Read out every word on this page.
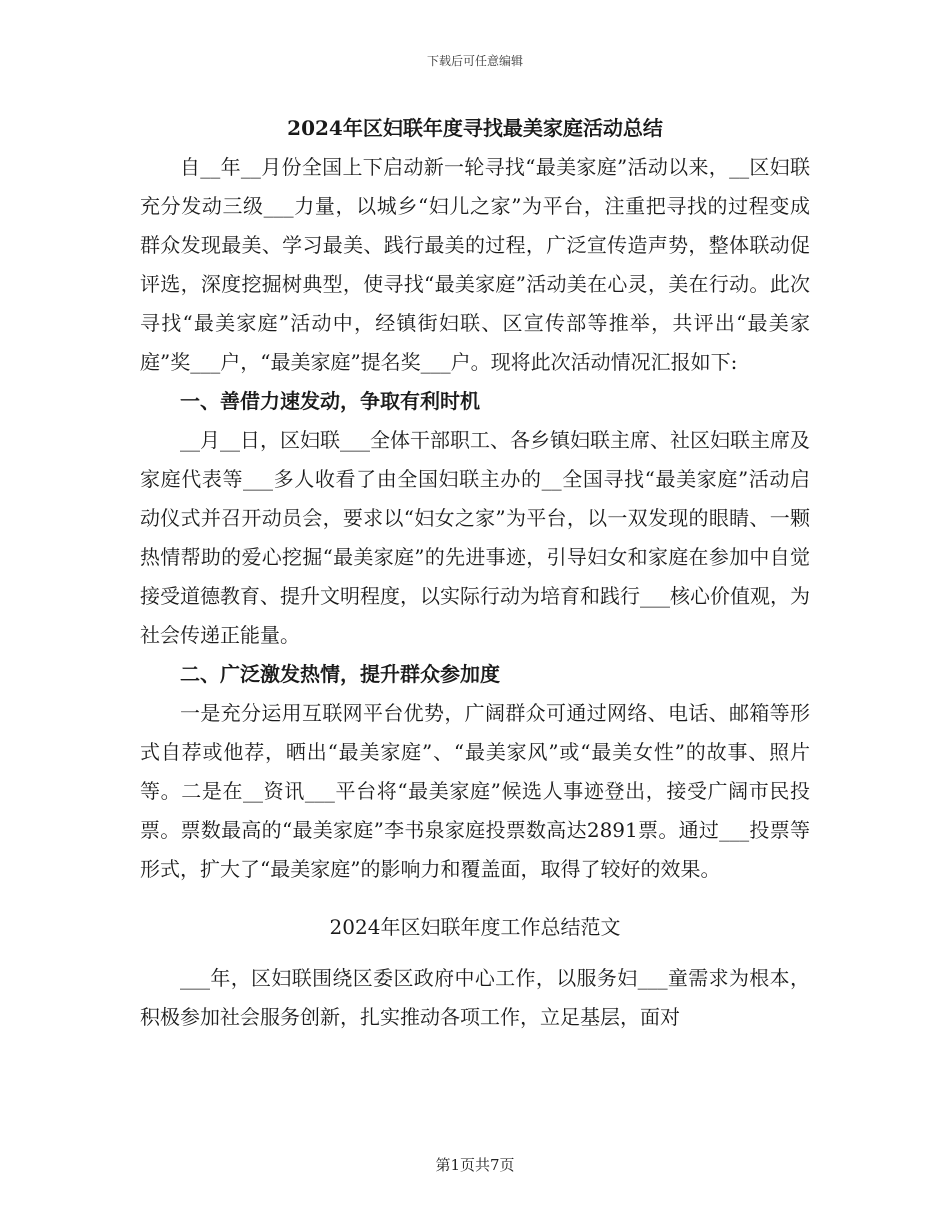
下载后可任意编辑
2024年区妇联年度寻找最美家庭活动总结

自__年__月份全国上下启动新一轮寻找“最美家庭”活动以来，__区妇联充分发动三级___力量，以城乡“妇儿之家”为平台，注重把寻找的过程变成群众发现最美、学习最美、践行最美的过程，广泛宣传造声势，整体联动促评选，深度挖掘树典型，使寻找“最美家庭”活动美在心灵，美在行动。此次寻找“最美家庭”活动中，经镇街妇联、区宣传部等推举，共评出“最美家庭”奖___户，“最美家庭”提名奖___户。现将此次活动情况汇报如下:

一、善借力速发动，争取有利时机

__月__日，区妇联___全体干部职工、各乡镇妇联主席、社区妇联主席及家庭代表等___多人收看了由全国妇联主办的__全国寻找“最美家庭”活动启动仪式并召开动员会，要求以“妇女之家”为平台，以一双发现的眼睛、一颗热情帮助的爱心挖掘“最美家庭”的先进事迹，引导妇女和家庭在参加中自觉接受道德教育、提升文明程度，以实际行动为培育和践行___核心价值观，为社会传递正能量。

二、广泛激发热情，提升群众参加度

一是充分运用互联网平台优势，广阔群众可通过网络、电话、邮箱等形式自荐或他荐，晒出“最美家庭”、“最美家风”或“最美女性”的故事、照片等。二是在__资讯___平台将“最美家庭”候选人事迹登出，接受广阔市民投票。票数最高的“最美家庭”李书泉家庭投票数高达2891票。通过___投票等形式，扩大了“最美家庭”的影响力和覆盖面，取得了较好的效果。

2024年区妇联年度工作总结范文

___年，区妇联围绕区委区政府中心工作，以服务妇___童需求为根本，积极参加社会服务创新，扎实推动各项工作，立足基层，面对

第1页共7页
